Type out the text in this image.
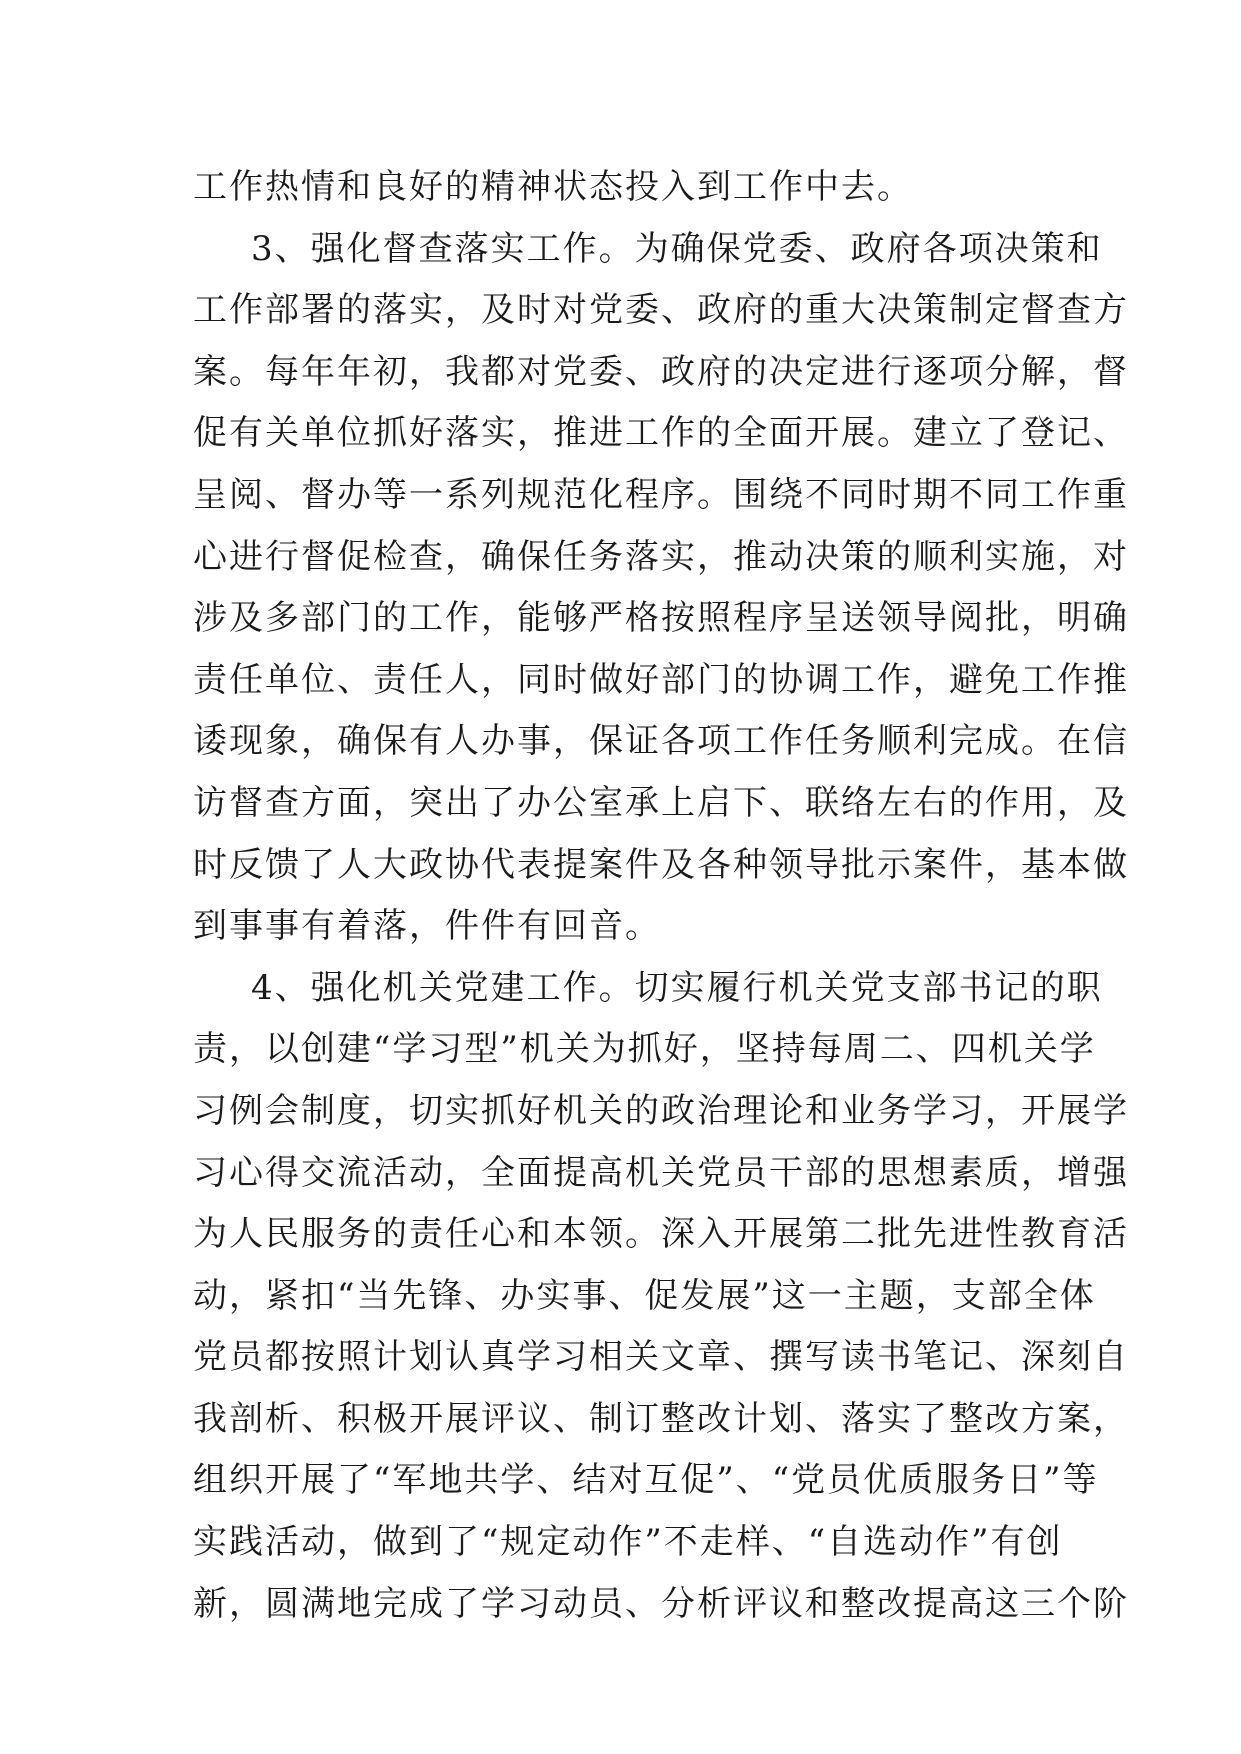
工作热情和良好的精神状态投入到工作中去。
3、强化督查落实工作。为确保党委、政府各项决策和
工作部署的落实，及时对党委、政府的重大决策制定督查方
案。每年年初，我都对党委、政府的决定进行逐项分解，督
促有关单位抓好落实，推进工作的全面开展。建立了登记、
呈阅、督办等一系列规范化程序。围绕不同时期不同工作重
心进行督促检查，确保任务落实，推动决策的顺利实施，对
涉及多部门的工作，能够严格按照程序呈送领导阅批，明确
责任单位、责任人，同时做好部门的协调工作，避免工作推
诿现象，确保有人办事，保证各项工作任务顺利完成。在信
访督查方面，突出了办公室承上启下、联络左右的作用，及
时反馈了人大政协代表提案件及各种领导批示案件，基本做
到事事有着落，件件有回音。
4、强化机关党建工作。切实履行机关党支部书记的职
责，以创建“学习型”机关为抓好，坚持每周二、四机关学
习例会制度，切实抓好机关的政治理论和业务学习，开展学
习心得交流活动，全面提高机关党员干部的思想素质，增强
为人民服务的责任心和本领。深入开展第二批先进性教育活
动，紧扣“当先锋、办实事、促发展”这一主题，支部全体
党员都按照计划认真学习相关文章、撰写读书笔记、深刻自
我剖析、积极开展评议、制订整改计划、落实了整改方案，
组织开展了“军地共学、结对互促”、“党员优质服务日”等
实践活动，做到了“规定动作”不走样、“自选动作”有创
新，圆满地完成了学习动员、分析评议和整改提高这三个阶
